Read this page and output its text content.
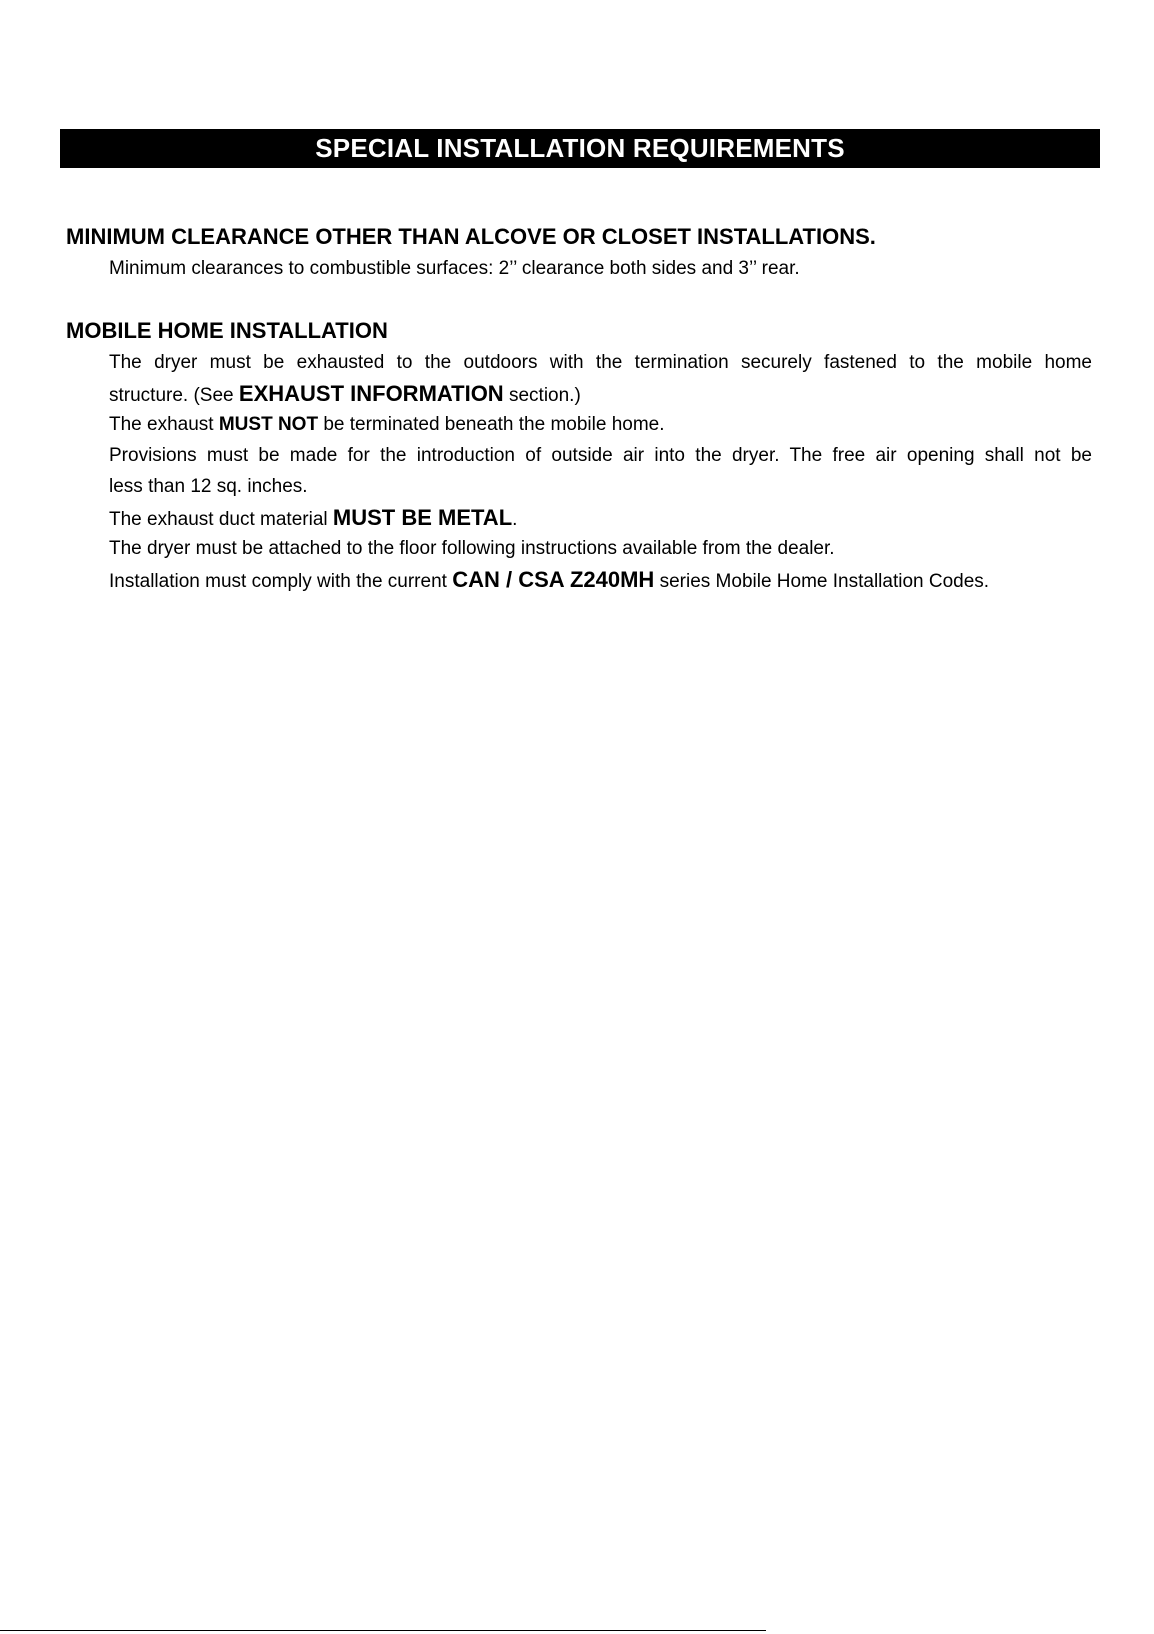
SPECIAL INSTALLATION REQUIREMENTS
MINIMUM CLEARANCE OTHER THAN ALCOVE OR CLOSET INSTALLATIONS.
Minimum clearances to combustible surfaces: 2’’ clearance both sides and 3’’ rear.
MOBILE HOME INSTALLATION
The dryer must be exhausted to the outdoors with the termination securely fastened to the mobile home
structure. (See EXHAUST INFORMATION section.)
The exhaust MUST NOT be terminated beneath the mobile home.
Provisions must be made for the introduction of outside air into the dryer. The free air opening shall not be
less than 12 sq. inches.
The exhaust duct material MUST BE METAL.
The dryer must be attached to the floor following instructions available from the dealer.
Installation must comply with the current CAN / CSA Z240MH series Mobile Home Installation Codes.
